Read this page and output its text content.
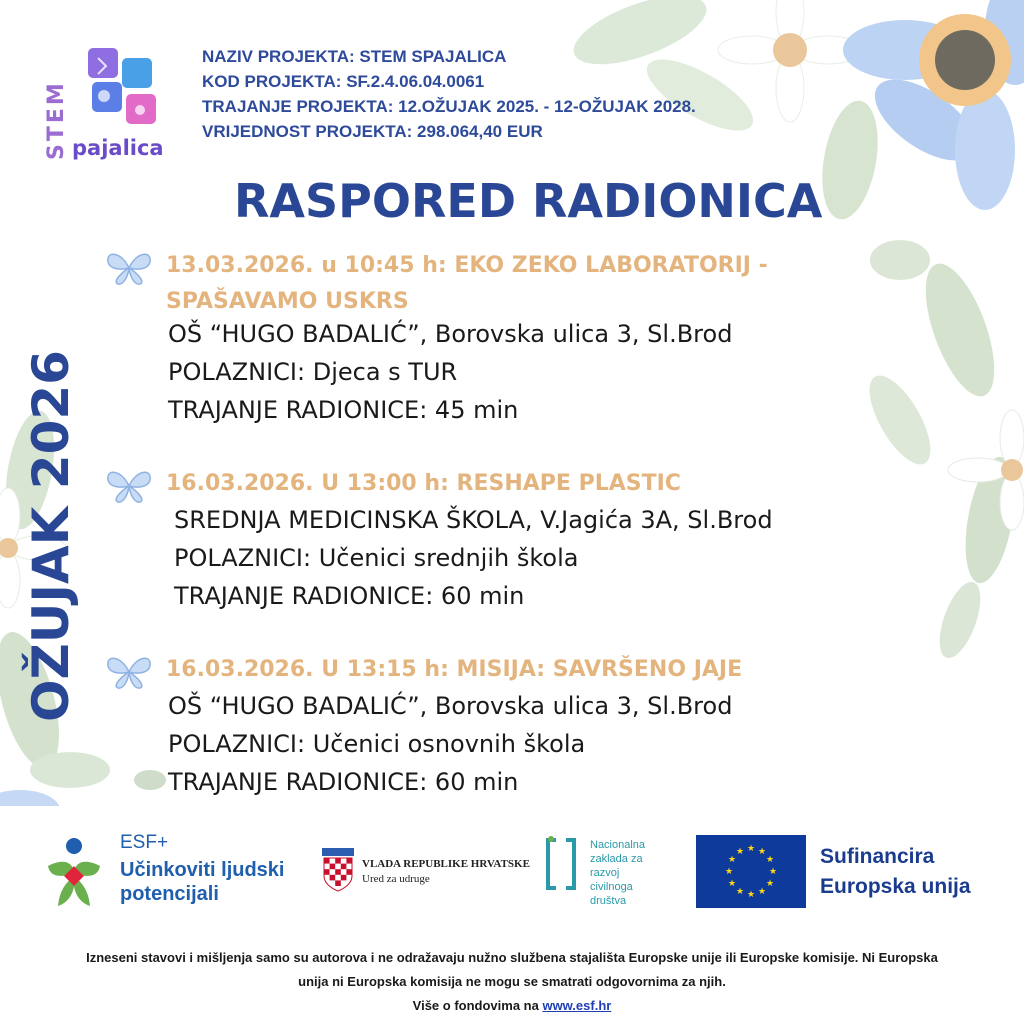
STEM pajalica
NAZIV PROJEKTA: STEM SPAJALICA
KOD PROJEKTA: SF.2.4.06.04.0061
TRAJANJE PROJEKTA: 12.OŽUJAK 2025. - 12-OŽUJAK 2028.
VRIJEDNOST PROJEKTA: 298.064,40 EUR
RASPORED RADIONICA
OŽUJAK 2026
13.03.2026. u 10:45 h: EKO ZEKO LABORATORIJ - SPAŠAVAMO USKRS
OŠ “HUGO BADALIĆ”, Borovska ulica 3, Sl.Brod
POLAZNICI: Djeca s TUR
TRAJANJE RADIONICE: 45 min
16.03.2026. U 13:00 h: RESHAPE PLASTIC
SREDNJA MEDICINSKA ŠKOLA, V.Jagića 3A, Sl.Brod
POLAZNICI: Učenici srednjih škola
TRAJANJE RADIONICE: 60 min
16.03.2026. U 13:15 h: MISIJA: SAVRŠENO JAJE
OŠ “HUGO BADALIĆ”, Borovska ulica 3, Sl.Brod
POLAZNICI: Učenici osnovnih škola
TRAJANJE RADIONICE: 60 min
ESF+
Učinkoviti ljudski
potencijali
VLADA REPUBLIKE HRVATSKE
Ured za udruge
Nacionalna
zaklada za
razvoj
civilnoga
društva
★ ★
★
★
★
★
★
★
★
★
★
★	Sufinancira
Europska unija
Izneseni stavovi i mišljenja samo su autorova i ne odražavaju nužno službena stajališta Europske unije ili Europske komisije. Ni Europska
unija ni Europska komisija ne mogu se smatrati odgovornima za njih.
Više o fondovima na www.esf.hr
